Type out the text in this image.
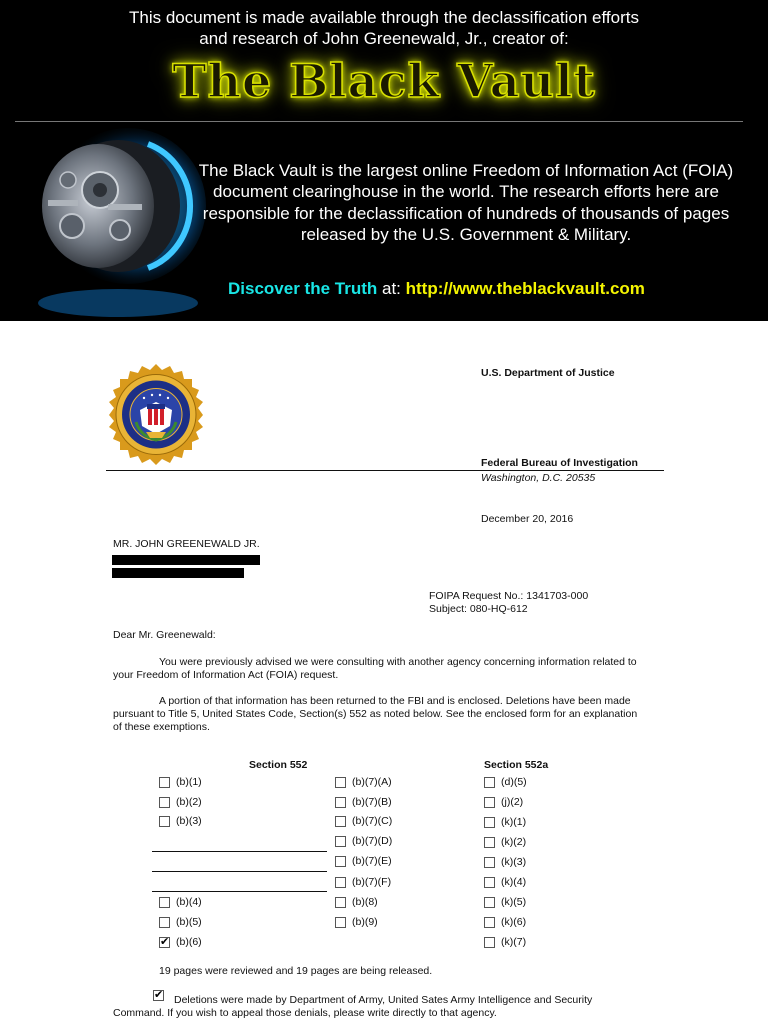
This document is made available through the declassification efforts
and research of John Greenewald, Jr., creator of:
The Black Vault
The Black Vault is the largest online Freedom of Information Act (FOIA)
document clearinghouse in the world. The research efforts here are
responsible for the declassification of hundreds of thousands of pages
released by the U.S. Government & Military.
Discover the Truth at: http://www.theblackvault.com
U.S. Department of Justice
Federal Bureau of Investigation
Washington, D.C. 20535
December 20, 2016
MR. JOHN GREENEWALD JR.
FOIPA Request No.: 1341703-000
Subject: 080-HQ-612
Dear Mr. Greenewald:
You were previously advised we were consulting with another agency concerning information related to
your Freedom of Information Act (FOIA) request.
A portion of that information has been returned to the FBI and is enclosed. Deletions have been made
pursuant to Title 5, United States Code, Section(s) 552 as noted below. See the enclosed form for an explanation
of these exemptions.
Section 552	Section 552a
(b)(1)
(b)(2)
(b)(3)
(b)(4)
(b)(5)
✔
(b)(6)
(b)(7)(A)
(b)(7)(B)
(b)(7)(C)
(b)(7)(D)
(b)(7)(E)
(b)(7)(F)
(b)(8)
(b)(9)
(d)(5)
(j)(2)
(k)(1)
(k)(2)
(k)(3)
(k)(4)
(k)(5)
(k)(6)
(k)(7)
19 pages were reviewed and 19 pages are being released.
✔
Deletions were made by Department of Army, United Sates Army Intelligence and Security
Command. If you wish to appeal those denials, please write directly to that agency.
